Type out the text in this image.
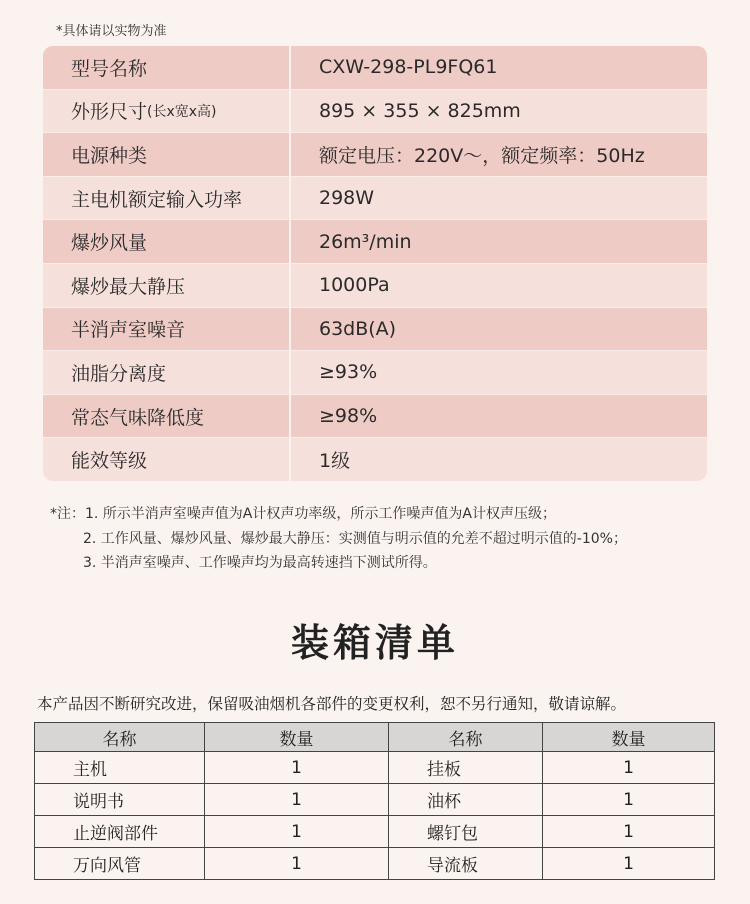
*具体请以实物为准
型号名称	CXW-298-PL9FQ61
外形尺寸 (长x宽x高)	895 × 355 × 825mm
电源种类	额定电压：220V～，额定频率：50Hz
主电机额定输入功率	298W
爆炒风量	26m³/min
爆炒最大静压	1000Pa
半消声室噪音	63dB(A)
油脂分离度	≥93%
常态气味降低度	≥98%
能效等级	1级
*注：1. 所示半消声室噪声值为A计权声功率级，所示工作噪声值为A计权声压级；
2. 工作风量、爆炒风量、爆炒最大静压：实测值与明示值的允差不超过明示值的-10%；
3. 半消声室噪声、工作噪声均为最高转速挡下测试所得。
装箱清单
本产品因不断研究改进，保留吸油烟机各部件的变更权利，恕不另行通知，敬请谅解。
名称	数量	名称	数量
主机	1	挂板	1
说明书	1	油杯	1
止逆阀部件	1	螺钉包	1
万向风管	1	导流板	1
